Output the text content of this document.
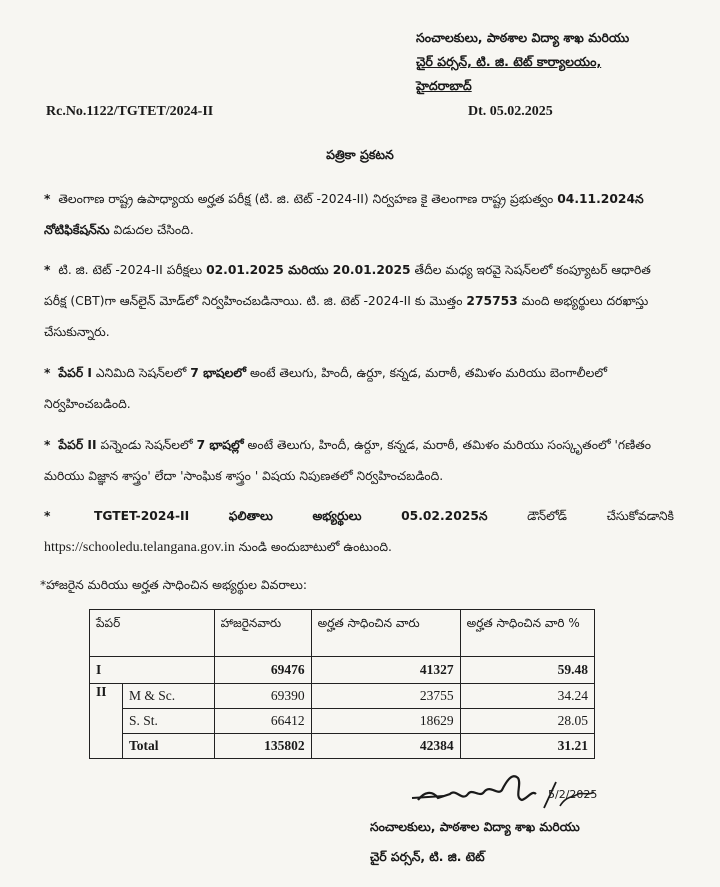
సంచాలకులు, పాఠశాల విద్యా శాఖ మరియు
చైర్ పర్సన్, టి. జి. టెట్ కార్యాలయం,
హైదరాబాద్
Rc.No.1122/TGTET/2024-II	Dt. 05.02.2025
పత్రికా ప్రకటన
* తెలంగాణ రాష్ట్ర ఉపాధ్యాయ అర్హత పరీక్ష (టి. జి. టెట్ -2024-II) నిర్వహణ కై తెలంగాణ రాష్ట్ర ప్రభుత్వం 04.11.2024న నోటిఫికేషన్‌ను విడుదల చేసింది.
* టి. జి. టెట్ -2024-II పరీక్షలు 02.01.2025 మరియు 20.01.2025 తేదీల మధ్య ఇరవై సెషన్‌లలో కంప్యూటర్ ఆధారిత పరీక్ష (CBT)గా ఆన్‌లైన్ మోడ్‌లో నిర్వహించబడినాయి. టి. జి. టెట్ -2024-II కు మొత్తం 275753 మంది అభ్యర్థులు దరఖాస్తు చేసుకున్నారు.
* పేపర్ I ఎనిమిది సెషన్‌లలో 7 భాషలలో అంటే తెలుగు, హిందీ, ఉర్దూ, కన్నడ, మరాఠీ, తమిళం మరియు బెంగాలీలలో నిర్వహించబడింది.
* పేపర్ II పన్నెండు సెషన్‌లలో 7 భాషల్లో అంటే తెలుగు, హిందీ, ఉర్దూ, కన్నడ, మరాఠీ, తమిళం మరియు సంస్కృతంలో 'గణితం మరియు విజ్ఞాన శాస్త్రం' లేదా 'సాంఘిక శాస్త్రం ' విషయ నిపుణతలో నిర్వహించబడింది.
*	TGTET-2024-II	ఫలితాలు	అభ్యర్థులు	05.02.2025న	డౌన్‌లోడ్	చేసుకోవడానికి
https://schooledu.telangana.gov.in నుండి అందుబాటులో ఉంటుంది.
*హాజరైన మరియు అర్హత సాధించిన అభ్యర్థుల వివరాలు:
పేపర్		హాజరైనవారు	అర్హత సాధించిన వారు	అర్హత సాధించిన వారి %
I		69476	41327	59.48
II	M & Sc.	69390	23755	34.24
	S. St.	66412	18629	28.05
	Total	135802	42384	31.21
5/2/2025
సంచాలకులు, పాఠశాల విద్యా శాఖ మరియు
చైర్ పర్సన్, టి. జి. టెట్
